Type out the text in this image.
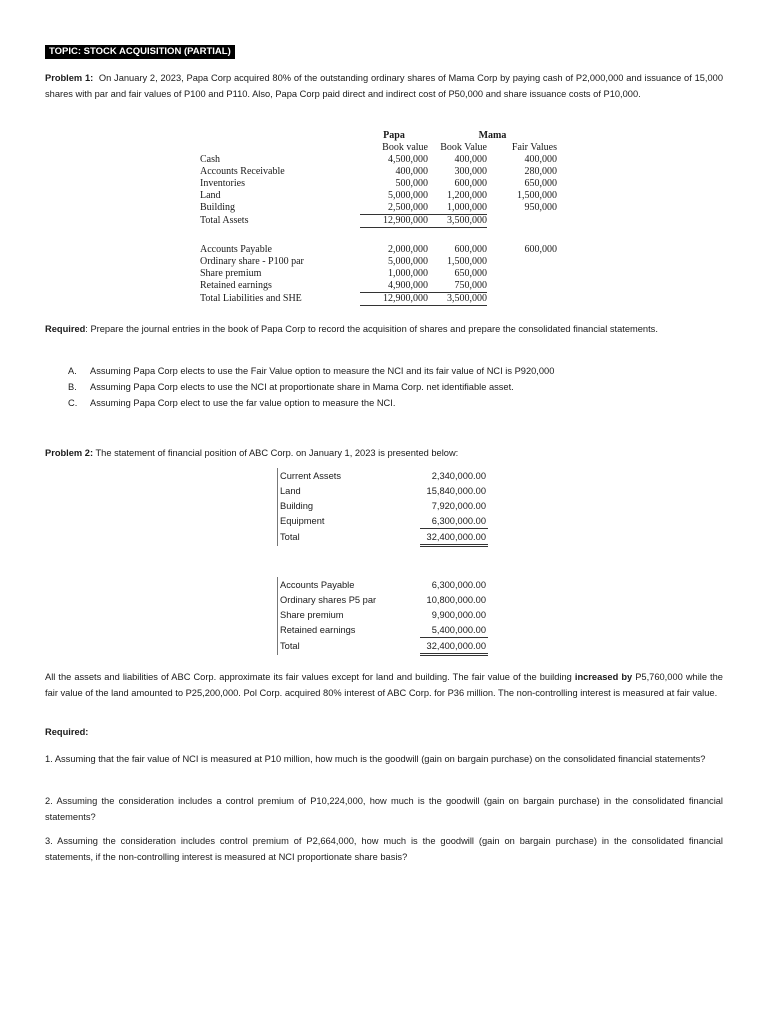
TOPIC: STOCK ACQUISITION (PARTIAL)
Problem 1: On January 2, 2023, Papa Corp acquired 80% of the outstanding ordinary shares of Mama Corp by paying cash of P2,000,000 and issuance of 15,000 shares with par and fair values of P100 and P110. Also, Papa Corp paid direct and indirect cost of P50,000 and share issuance costs of P10,000.
	Papa	Mama	
	Book value	Book Value	Fair Values
Cash	4,500,000	400,000	400,000
Accounts Receivable	400,000	300,000	280,000
Inventories	500,000	600,000	650,000
Land	5,000,000	1,200,000	1,500,000
Building	2,500,000	1,000,000	950,000
Total Assets	12,900,000	3,500,000	

Accounts Payable	2,000,000	600,000	600,000
Ordinary share - P100 par	5,000,000	1,500,000	
Share premium	1,000,000	650,000	
Retained earnings	4,900,000	750,000	
Total Liabilities and SHE	12,900,000	3,500,000	
Required: Prepare the journal entries in the book of Papa Corp to record the acquisition of shares and prepare the consolidated financial statements.
A. Assuming Papa Corp elects to use the Fair Value option to measure the NCI and its fair value of NCI is P920,000
B. Assuming Papa Corp elects to use the NCI at proportionate share in Mama Corp. net identifiable asset.
C. Assuming Papa Corp elect to use the far value option to measure the NCI.
Problem 2: The statement of financial position of ABC Corp. on January 1, 2023 is presented below:
Current Assets	2,340,000.00
Land	15,840,000.00
Building	7,920,000.00
Equipment	6,300,000.00
Total	32,400,000.00
Accounts Payable	6,300,000.00
Ordinary shares P5 par	10,800,000.00
Share premium	9,900,000.00
Retained earnings	5,400,000.00
Total	32,400,000.00
All the assets and liabilities of ABC Corp. approximate its fair values except for land and building. The fair value of the building increased by P5,760,000 while the fair value of the land amounted to P25,200,000. Pol Corp. acquired 80% interest of ABC Corp. for P36 million. The non-controlling interest is measured at fair value.
Required:
1. Assuming that the fair value of NCI is measured at P10 million, how much is the goodwill (gain on bargain purchase) on the consolidated financial statements?
2. Assuming the consideration includes a control premium of P10,224,000, how much is the goodwill (gain on bargain purchase) in the consolidated financial statements?
3. Assuming the consideration includes control premium of P2,664,000, how much is the goodwill (gain on bargain purchase) in the consolidated financial statements, if the non-controlling interest is measured at NCI proportionate share basis?
